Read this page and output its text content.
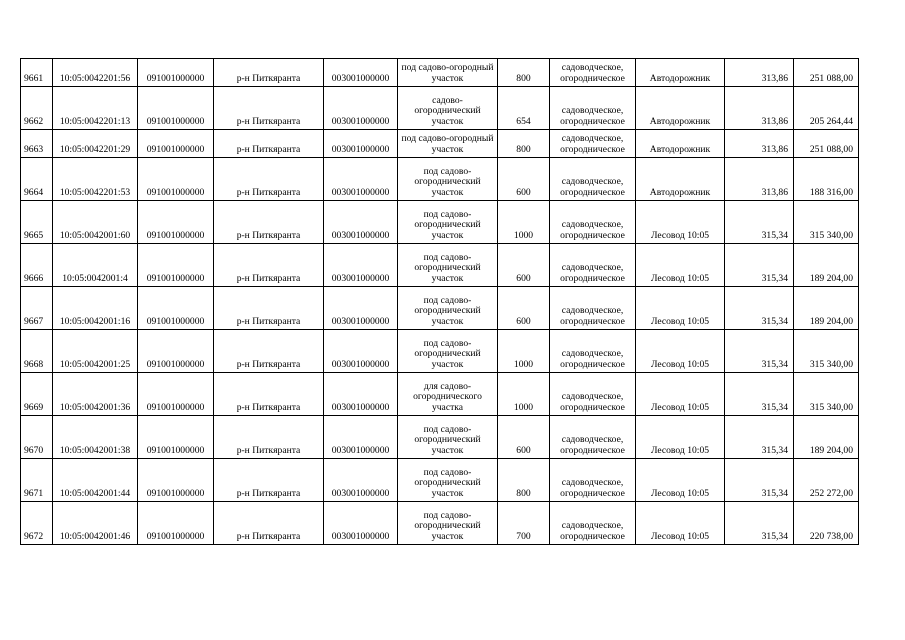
9661	10:05:0042201:56	091001000000	р-н Питкяранта	003001000000	под садово-огородный участок	800	садоводческое, огородническое	Автодорожник	313,86	251 088,00
9662	10:05:0042201:13	091001000000	р-н Питкяранта	003001000000	садово-огороднический участок	654	садоводческое, огородническое	Автодорожник	313,86	205 264,44
9663	10:05:0042201:29	091001000000	р-н Питкяранта	003001000000	под садово-огородный участок	800	садоводческое, огородническое	Автодорожник	313,86	251 088,00
9664	10:05:0042201:53	091001000000	р-н Питкяранта	003001000000	под садово-огороднический участок	600	садоводческое, огородническое	Автодорожник	313,86	188 316,00
9665	10:05:0042001:60	091001000000	р-н Питкяранта	003001000000	под садово-огороднический участок	1000	садоводческое, огородническое	Лесовод 10:05	315,34	315 340,00
9666	10:05:0042001:4	091001000000	р-н Питкяранта	003001000000	под садово-огороднический участок	600	садоводческое, огородническое	Лесовод 10:05	315,34	189 204,00
9667	10:05:0042001:16	091001000000	р-н Питкяранта	003001000000	под садово-огороднический участок	600	садоводческое, огородническое	Лесовод 10:05	315,34	189 204,00
9668	10:05:0042001:25	091001000000	р-н Питкяранта	003001000000	под садово-огороднический участок	1000	садоводческое, огородническое	Лесовод 10:05	315,34	315 340,00
9669	10:05:0042001:36	091001000000	р-н Питкяранта	003001000000	для садово-огороднического участка	1000	садоводческое, огородническое	Лесовод 10:05	315,34	315 340,00
9670	10:05:0042001:38	091001000000	р-н Питкяранта	003001000000	под садово-огороднический участок	600	садоводческое, огородническое	Лесовод 10:05	315,34	189 204,00
9671	10:05:0042001:44	091001000000	р-н Питкяранта	003001000000	под садово-огороднический участок	800	садоводческое, огородническое	Лесовод 10:05	315,34	252 272,00
9672	10:05:0042001:46	091001000000	р-н Питкяранта	003001000000	под садово-огороднический участок	700	садоводческое, огородническое	Лесовод 10:05	315,34	220 738,00
